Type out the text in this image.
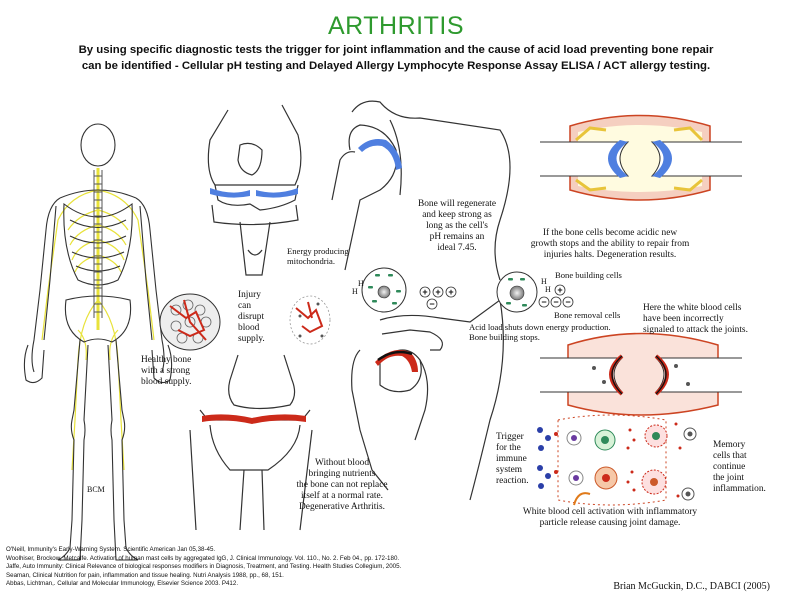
ARTHRITIS
By using specific diagnostic tests the trigger for joint inflammation and the cause of acid load preventing bone repair
can be identified - Cellular pH testing and Delayed Allergy Lymphocyte Response Assay ELISA / ACT allergy testing.
BCM
H
H
H
H
+ + +
−	− − −
+
Healthy bone
with a strong
blood supply.
Injury
can
disrupt
blood
supply.
Without blood
bringing nutrients
the bone can not replace
itself at a normal rate.
Degenerative Arthritis.
Energy producing
mitochondria.
Bone will regenerate
and keep strong as
long as the cell's
pH remains an
ideal 7.45.
If the bone cells become acidic new
growth stops and the ability to repair from
injuries halts. Degeneration results.
Bone building cells
Bone removal cells
Acid load shuts down energy production.
Bone building stops.
Here the white blood cells
have been incorrectly
signaled to attack the joints.
Trigger
for the
immune
system
reaction.
Memory
cells that
continue
the joint
inflammation.
White blood cell activation with inflammatory
particle release causing joint damage.
O'Neill, Immunity's Early-Warning System. Scientific American Jan 05,38-45.
Woolhiser, Brockow, Metcalfe. Activation of human mast cells by aggregated IgG, J. Clinical Immunology. Vol. 110., No. 2. Feb 04., pp. 172-180.
Jaffe, Auto Immunity: Clinical Relevance of biological responses modifiers in Diagnosis, Treatment, and Testing. Health Studies Collegium, 2005.
Seaman, Clinical Nutrition for pain, inflammation and tissue healing. Nutri Analysis 1988, pp., 68, 151.
Abbas, Lichtman,. Cellular and Molecular Immunology, Elsevier Science 2003. P412.	Brian McGuckin, D.C., DABCI (2005)
